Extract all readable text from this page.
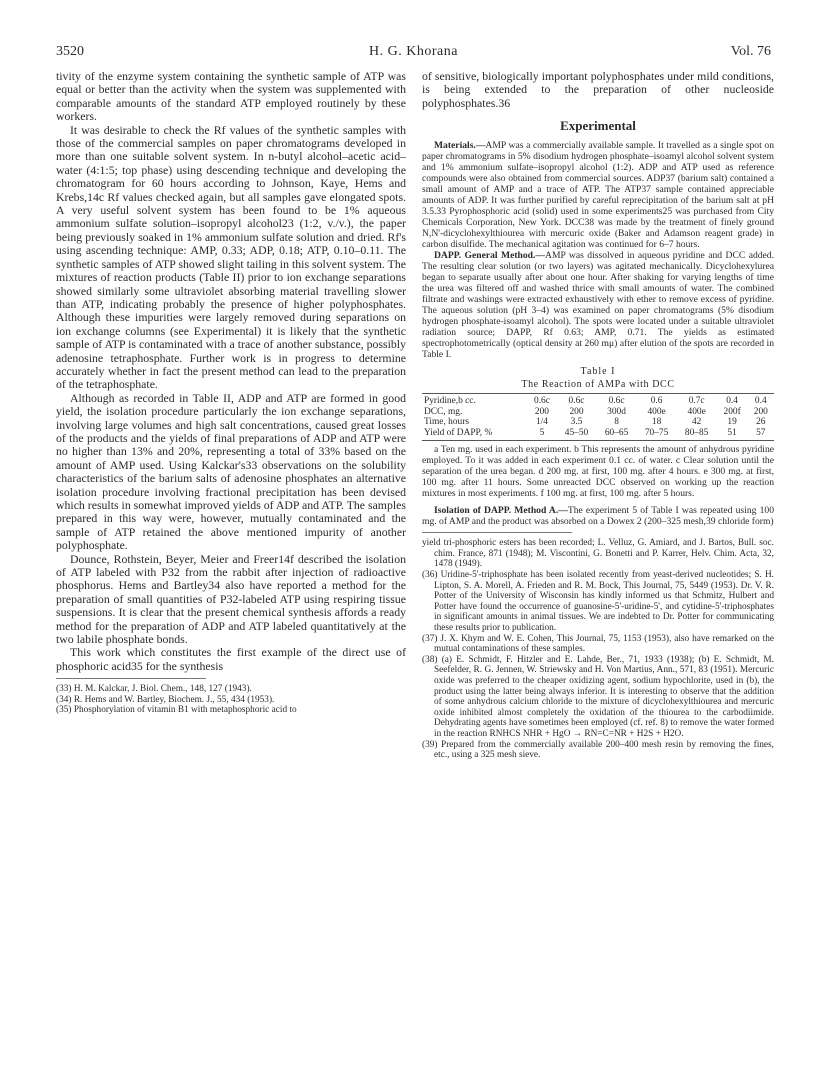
3520	H. G. Khorana	Vol. 76

tivity of the enzyme system containing the synthetic sample of ATP was equal or better than the activity when the system was supplemented with comparable amounts of the standard ATP employed routinely by these workers.

It was desirable to check the Rf values of the synthetic samples with those of the commercial samples on paper chromatograms developed in more than one suitable solvent system. In n-butyl alcohol–acetic acid–water (4:1:5; top phase) using descending technique and developing the chromatogram for 60 hours according to Johnson, Kaye, Hems and Krebs,14c Rf values checked again, but all samples gave elongated spots. A very useful solvent system has been found to be 1% aqueous ammonium sulfate solution–isopropyl alcohol23 (1:2, v./v.), the paper being previously soaked in 1% ammonium sulfate solution and dried. Rf's using ascending technique: AMP, 0.33; ADP, 0.18; ATP, 0.10–0.11. The synthetic samples of ATP showed slight tailing in this solvent system. The mixtures of reaction products (Table II) prior to ion exchange separations showed similarly some ultraviolet absorbing material travelling slower than ATP, indicating probably the presence of higher polyphosphates. Although these impurities were largely removed during separations on ion exchange columns (see Experimental) it is likely that the synthetic sample of ATP is contaminated with a trace of another substance, possibly adenosine tetraphosphate. Further work is in progress to determine accurately whether in fact the present method can lead to the preparation of the tetraphosphate.

Although as recorded in Table II, ADP and ATP are formed in good yield, the isolation procedure particularly the ion exchange separations, involving large volumes and high salt concentrations, caused great losses of the products and the yields of final preparations of ADP and ATP were no higher than 13% and 20%, representing a total of 33% based on the amount of AMP used. Using Kalckar's33 observations on the solubility characteristics of the barium salts of adenosine phosphates an alternative isolation procedure involving fractional precipitation has been devised which results in somewhat improved yields of ADP and ATP. The samples prepared in this way were, however, mutually contaminated and the sample of ATP retained the above mentioned impurity of another polyphosphate.

Dounce, Rothstein, Beyer, Meier and Freer14f described the isolation of ATP labeled with P32 from the rabbit after injection of radioactive phosphorus. Hems and Bartley34 also have reported a method for the preparation of small quantities of P32-labeled ATP using respiring tissue suspensions. It is clear that the present chemical synthesis affords a ready method for the preparation of ADP and ATP labeled quantitatively at the two labile phosphate bonds.

This work which constitutes the first example of the direct use of phosphoric acid35 for the synthesis

(33) H. M. Kalckar, J. Biol. Chem., 148, 127 (1943).

(34) R. Hems and W. Bartley, Biochem. J., 55, 434 (1953).

(35) Phosphorylation of vitamin B1 with metaphosphoric acid to

of sensitive, biologically important polyphosphates under mild conditions, is being extended to the preparation of other nucleoside polyphosphates.36

Experimental

Materials.—AMP was a commercially available sample. It travelled as a single spot on paper chromatograms in 5% disodium hydrogen phosphate–isoamyl alcohol solvent system and 1% ammonium sulfate–isopropyl alcohol (1:2). ADP and ATP used as reference compounds were also obtained from commercial sources. ADP37 (barium salt) contained a small amount of AMP and a trace of ATP. The ATP37 sample contained appreciable amounts of ADP. It was further purified by careful reprecipitation of the barium salt at pH 3.5.33 Pyrophosphoric acid (solid) used in some experiments25 was purchased from City Chemicals Corporation, New York. DCC38 was made by the treatment of finely ground N,N'-dicyclohexylthiourea with mercuric oxide (Baker and Adamson reagent grade) in carbon disulfide. The mechanical agitation was continued for 6–7 hours.

DAPP. General Method.—AMP was dissolved in aqueous pyridine and DCC added. The resulting clear solution (or two layers) was agitated mechanically. Dicyclohexylurea began to separate usually after about one hour. After shaking for varying lengths of time the urea was filtered off and washed thrice with small amounts of water. The combined filtrate and washings were extracted exhaustively with ether to remove excess of pyridine. The aqueous solution (pH 3–4) was examined on paper chromatograms (5% disodium hydrogen phosphate-isoamyl alcohol). The spots were located under a suitable ultraviolet radiation source; DAPP, Rf 0.63; AMP, 0.71. The yields as estimated spectrophotometrically (optical density at 260 mμ) after elution of the spots are recorded in Table I.

Table I
The Reaction of AMPa with DCC
Pyridine,b cc.	0.6c	0.6c	0.6c	0.6	0.7c	0.4	0.4
DCC, mg.	200	200	300d	400e	400e	200f	200
Time, hours	1/4	3.5	8	18	42	19	26
Yield of DAPP, %	5	45–50	60–65	70–75	80–85	51	57

a Ten mg. used in each experiment. b This represents the amount of anhydrous pyridine employed. To it was added in each experiment 0.1 cc. of water. c Clear solution until the separation of the urea began. d 200 mg. at first, 100 mg. after 4 hours. e 300 mg. at first, 100 mg. after 11 hours. Some unreacted DCC observed on working up the reaction mixtures in most experiments. f 100 mg. at first, 100 mg. after 5 hours.

Isolation of DAPP. Method A.—The experiment 5 of Table I was repeated using 100 mg. of AMP and the product was absorbed on a Dowex 2 (200–325 mesh,39 chloride form)

yield tri-phosphoric esters has been recorded; L. Velluz, G. Amiard, and J. Bartos, Bull. soc. chim. France, 871 (1948); M. Viscontini, G. Bonetti and P. Karrer, Helv. Chim. Acta, 32, 1478 (1949).

(36) Uridine-5'-triphosphate has been isolated recently from yeast-derived nucleotides; S. H. Lipton, S. A. Morell, A. Frieden and R. M. Bock, This Journal, 75, 5449 (1953). Dr. V. R. Potter of the University of Wisconsin has kindly informed us that Schmitz, Hulbert and Potter have found the occurrence of guanosine-5'-uridine-5', and cytidine-5'-triphosphates in significant amounts in animal tissues. We are indebted to Dr. Potter for communicating these results prior to publication.

(37) J. X. Khym and W. E. Cohen, This Journal, 75, 1153 (1953), also have remarked on the mutual contaminations of these samples.

(38) (a) E. Schmidt, F. Hitzler and E. Lahde, Ber., 71, 1933 (1938); (b) E. Schmidt, M. Seefelder, R. G. Jennen, W. Striewsky and H. Von Martius, Ann., 571, 83 (1951). Mercuric oxide was preferred to the cheaper oxidizing agent, sodium hypochlorite, used in (b), the product using the latter being always inferior. It is interesting to observe that the addition of some anhydrous calcium chloride to the mixture of dicyclohexylthiourea and mercuric oxide inhibited almost completely the oxidation of the thiourea to the carbodiimide. Dehydrating agents have sometimes been employed (cf. ref. 8) to remove the water formed in the reaction RNHCS NHR + HgO → RN=C=NR + H2S + H2O.

(39) Prepared from the commercially available 200–400 mesh resin by removing the fines, etc., using a 325 mesh sieve.
